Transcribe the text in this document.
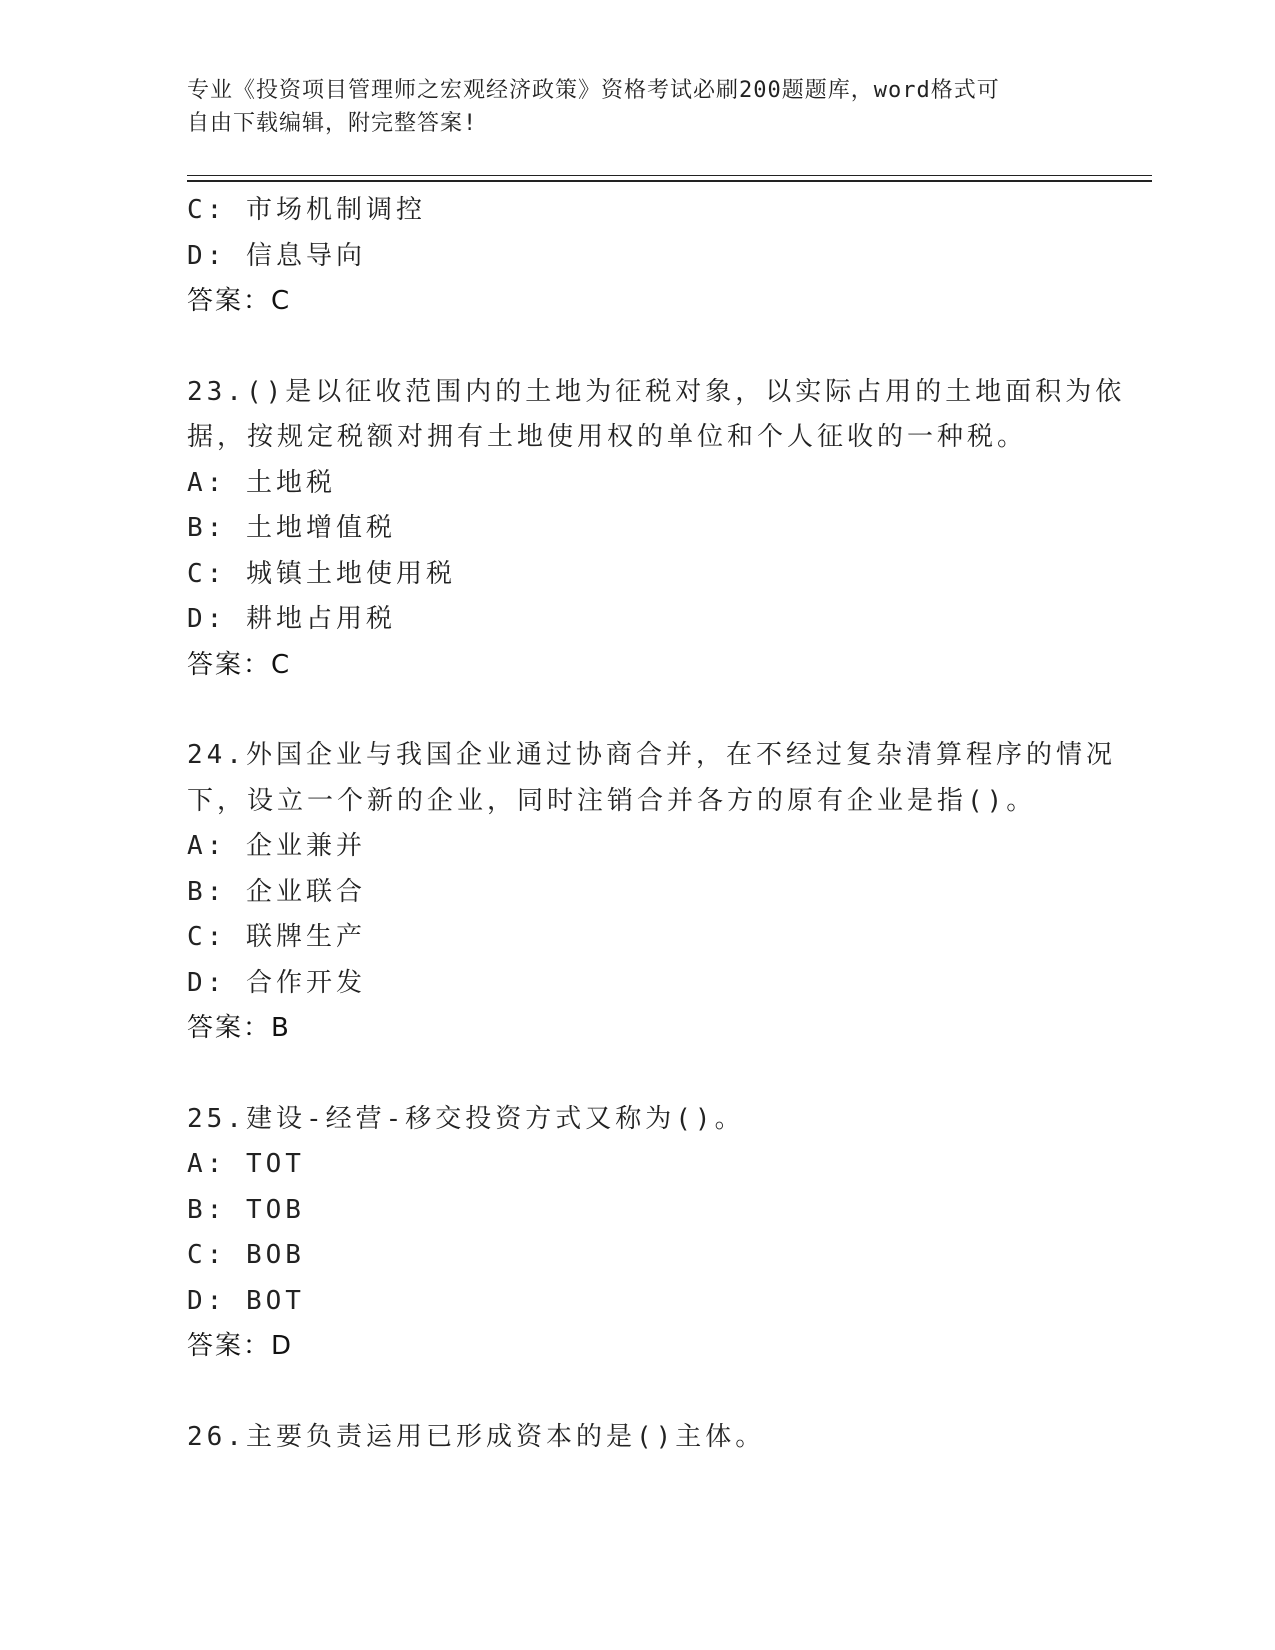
专业《投资项目管理师之宏观经济政策》资格考试必刷200题题库，word格式可
自由下载编辑，附完整答案!
C: 市场机制调控
D: 信息导向
答案：C
23.()是以征收范围内的土地为征税对象，以实际占用的土地面积为依
据，按规定税额对拥有土地使用权的单位和个人征收的一种税。
A: 土地税
B: 土地增值税
C: 城镇土地使用税
D: 耕地占用税
答案：C
24.外国企业与我国企业通过协商合并，在不经过复杂清算程序的情况
下，设立一个新的企业，同时注销合并各方的原有企业是指()。
A: 企业兼并
B: 企业联合
C: 联牌生产
D: 合作开发
答案：B
25.建设-经营-移交投资方式又称为()。
A: TOT
B: TOB
C: BOB
D: BOT
答案：D
26.主要负责运用已形成资本的是()主体。
